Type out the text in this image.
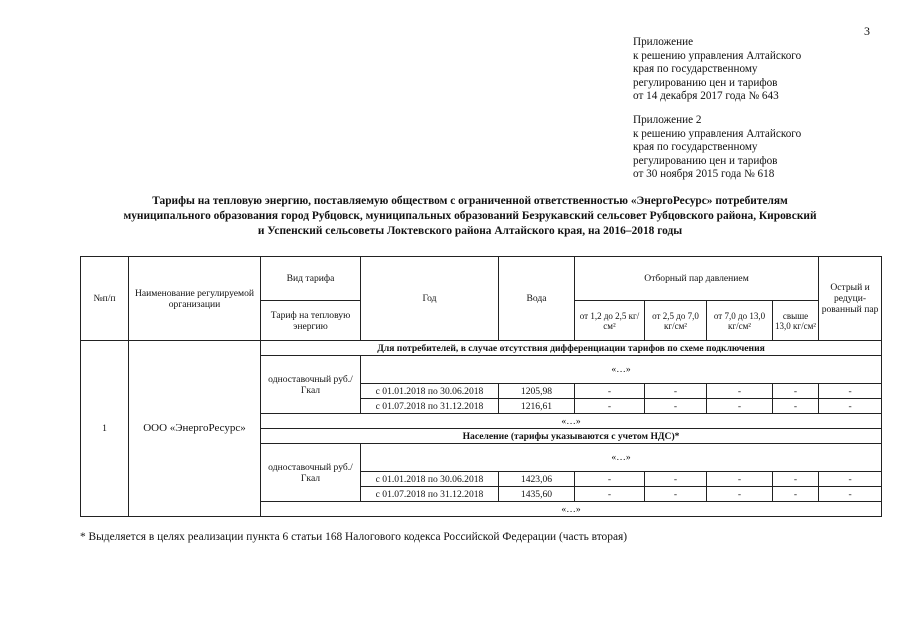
3
Приложение
к решению управления Алтайского
края по государственному
регулированию цен и тарифов
от 14 декабря 2017 года № 643
Приложение 2
к решению управления Алтайского
края по государственному
регулированию цен и тарифов
от 30 ноября 2015 года № 618
Тарифы на тепловую энергию, поставляемую обществом с ограниченной ответственностью «ЭнергоРесурс» потребителям
муниципального образования город Рубцовск, муниципальных образований Безрукавский сельсовет Рубцовского района, Кировский
и Успенский сельсоветы Локтевского района Алтайского края, на 2016–2018 годы
№п/п	Наименование регулируемой организации	Вид тарифа	Год	Вода	Отборный пар давлением				Острый и редуци-рованный пар
		Тариф на тепловую энергию			от 1,2 до 2,5 кг/см²	от 2,5 до 7,0 кг/см²	от 7,0 до 13,0 кг/см²	свыше 13,0 кг/см²	
1	ООО «ЭнергоРесурс»	Для потребителей, в случае отсутствия дифференциации тарифов по схеме подключения							
		одноставочный руб./Гкал	«…»						
			с 01.01.2018 по 30.06.2018	1205,98	-	-	-	-	-
			с 01.07.2018 по 31.12.2018	1216,61	-	-	-	-	-
		«…»							
		Население (тарифы указываются с учетом НДС)*							
		одноставочный руб./Гкал	«…»						
			с 01.01.2018 по 30.06.2018	1423,06	-	-	-	-	-
			с 01.07.2018 по 31.12.2018	1435,60	-	-	-	-	-
		«…»							
* Выделяется в целях реализации пункта 6 статьи 168 Налогового кодекса Российской Федерации (часть вторая)
